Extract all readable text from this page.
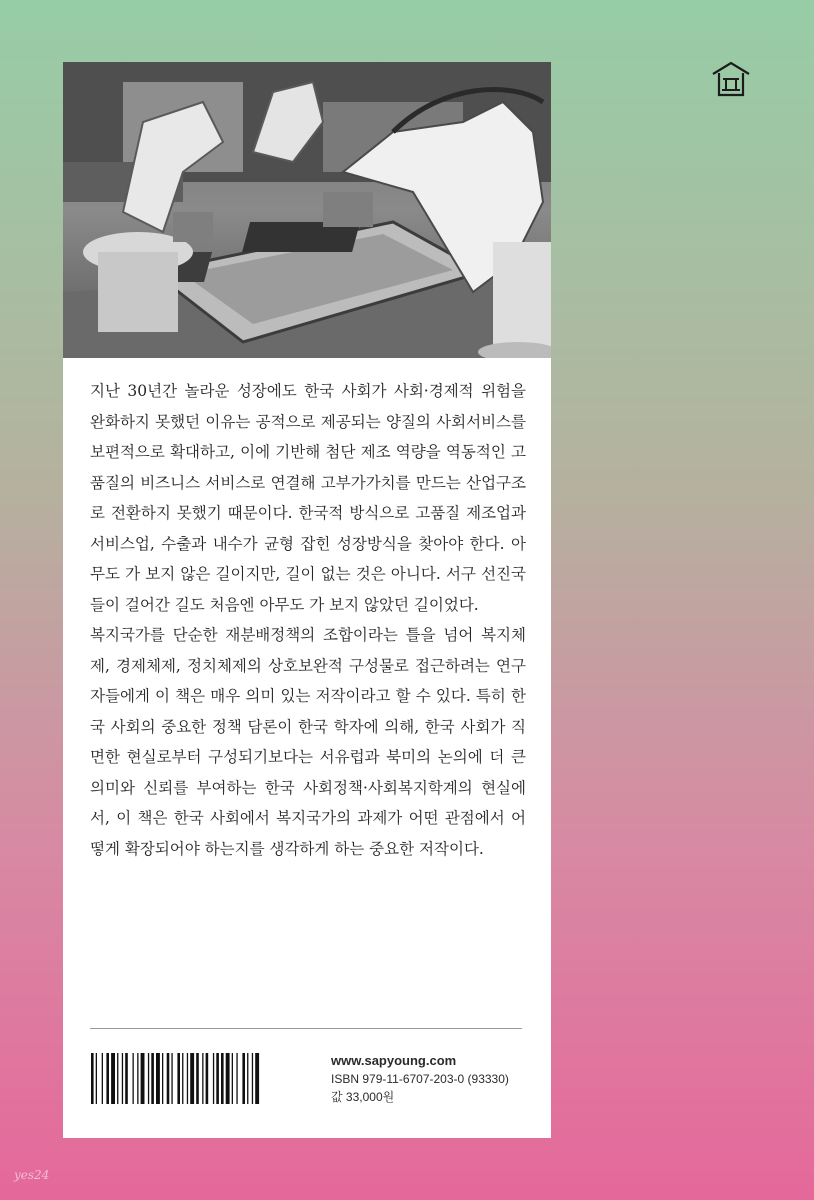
지난 30년간 놀라운 성장에도 한국 사회가 사회·경제적 위험을 완화하지 못했던 이유는 공적으로 제공되는 양질의 사회서비스를 보편적으로 확대하고, 이에 기반해 첨단 제조 역량을 역동적인 고품질의 비즈니스 서비스로 연결해 고부가가치를 만드는 산업구조로 전환하지 못했기 때문이다. 한국적 방식으로 고품질 제조업과 서비스업, 수출과 내수가 균형 잡힌 성장방식을 찾아야 한다. 아무도 가 보지 않은 길이지만, 길이 없는 것은 아니다. 서구 선진국들이 걸어간 길도 처음엔 아무도 가 보지 않았던 길이었다.

복지국가를 단순한 재분배정책의 조합이라는 틀을 넘어 복지체제, 경제체제, 정치체제의 상호보완적 구성물로 접근하려는 연구자들에게 이 책은 매우 의미 있는 저작이라고 할 수 있다. 특히 한국 사회의 중요한 정책 담론이 한국 학자에 의해, 한국 사회가 직면한 현실로부터 구성되기보다는 서유럽과 북미의 논의에 더 큰 의미와 신뢰를 부여하는 한국 사회정책·사회복지학계의 현실에서, 이 책은 한국 사회에서 복지국가의 과제가 어떤 관점에서 어떻게 확장되어야 하는지를 생각하게 하는 중요한 저작이다.

www.sapyoung.com
ISBN 979-11-6707-203-0 (93330)
값 33,000원
yes24
